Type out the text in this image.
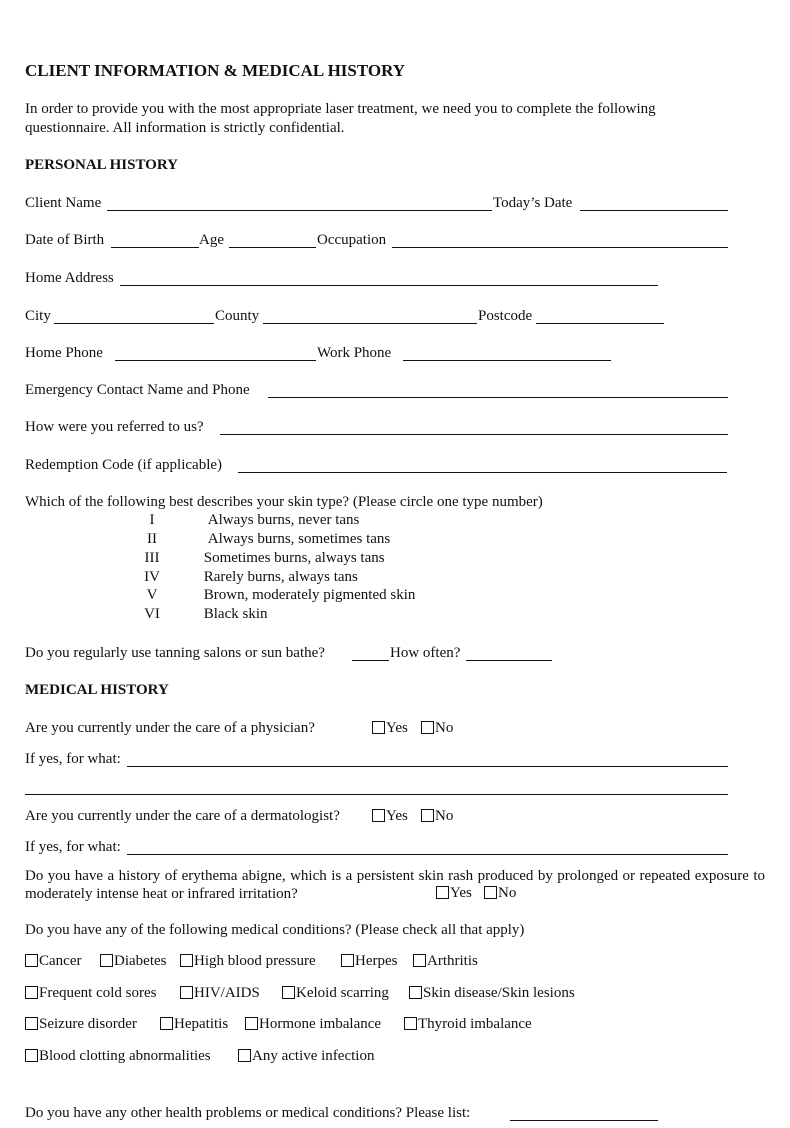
CLIENT INFORMATION & MEDICAL HISTORY
In order to provide you with the most appropriate laser treatment, we need you to complete the following questionnaire. All information is strictly confidential.
PERSONAL HISTORY
Client Name	Today’s Date
Date of Birth	Age	Occupation
Home Address
City	County	Postcode
Home Phone	Work Phone
Emergency Contact Name and Phone
How were you referred to us?
Redemption Code (if applicable)
Which of the following best describes your skin type? (Please circle one type number)
I	Always burns, never tans
II	Always burns, sometimes tans
III	Sometimes burns, always tans
IV	Rarely burns, always tans
V	Brown, moderately pigmented skin
VI	Black skin
Do you regularly use tanning salons or sun bathe?	How often?
MEDICAL HISTORY
Are you currently under the care of a physician?	Yes	No
If yes, for what:
Are you currently under the care of a dermatologist?	Yes	No
If yes, for what:
Do you have a history of erythema abigne, which is a persistent skin rash produced by prolonged or repeated exposure to moderately intense heat or infrared irritation?	Yes	No
Do you have any of the following medical conditions? (Please check all that apply)
Cancer	Diabetes	High blood pressure	Herpes	Arthritis
Frequent cold sores	HIV/AIDS	Keloid scarring	Skin disease/Skin lesions
Seizure disorder	Hepatitis	Hormone imbalance	Thyroid imbalance
Blood clotting abnormalities	Any active infection
Do you have any other health problems or medical conditions? Please list:
